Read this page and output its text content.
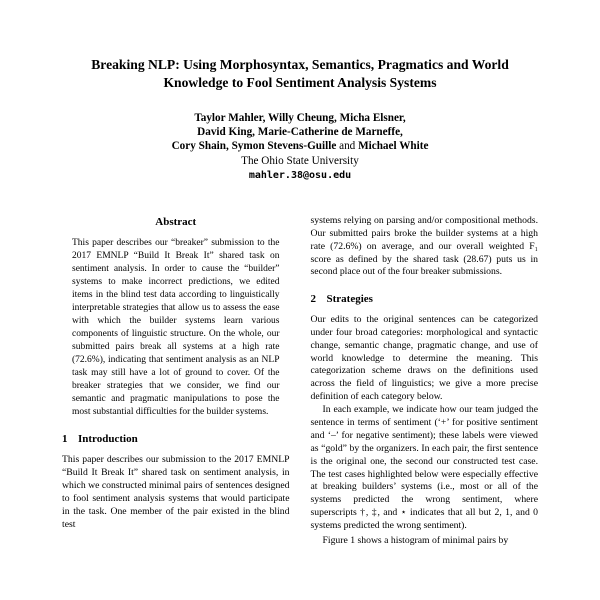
Breaking NLP: Using Morphosyntax, Semantics, Pragmatics and World Knowledge to Fool Sentiment Analysis Systems
Taylor Mahler, Willy Cheung, Micha Elsner,
David King, Marie-Catherine de Marneffe,
Cory Shain, Symon Stevens-Guille and Michael White
The Ohio State University
mahler.38@osu.edu
Abstract
This paper describes our “breaker” submission to the 2017 EMNLP “Build It Break It” shared task on sentiment analysis. In order to cause the “builder” systems to make incorrect predictions, we edited items in the blind test data according to linguistically interpretable strategies that allow us to assess the ease with which the builder systems learn various components of linguistic structure. On the whole, our submitted pairs break all systems at a high rate (72.6%), indicating that sentiment analysis as an NLP task may still have a lot of ground to cover. Of the breaker strategies that we consider, we find our semantic and pragmatic manipulations to pose the most substantial difficulties for the builder systems.
1 Introduction

This paper describes our submission to the 2017 EMNLP “Build It Break It” shared task on sentiment analysis, in which we constructed minimal pairs of sentences designed to fool sentiment analysis systems that would participate in the task. One member of the pair existed in the blind test

systems relying on parsing and/or compositional methods. Our submitted pairs broke the builder systems at a high rate (72.6%) on average, and our overall weighted F₁ score as defined by the shared task (28.67) puts us in second place out of the four breaker submissions.

2 Strategies

Our edits to the original sentences can be categorized under four broad categories: morphological and syntactic change, semantic change, pragmatic change, and use of world knowledge to determine the meaning. This categorization scheme draws on the definitions used across the field of linguistics; we give a more precise definition of each category below.

In each example, we indicate how our team judged the sentence in terms of sentiment (‘+’ for positive sentiment and ‘–’ for negative sentiment); these labels were viewed as “gold” by the organizers. In each pair, the first sentence is the original one, the second our constructed test case. The test cases highlighted below were especially effective at breaking builders’ systems (i.e., most or all of the systems predicted the wrong sentiment, where superscripts †, ‡, and ⋆ indicates that all but 2, 1, and 0 systems predicted the wrong sentiment).

Figure 1 shows a histogram of minimal pairs by
